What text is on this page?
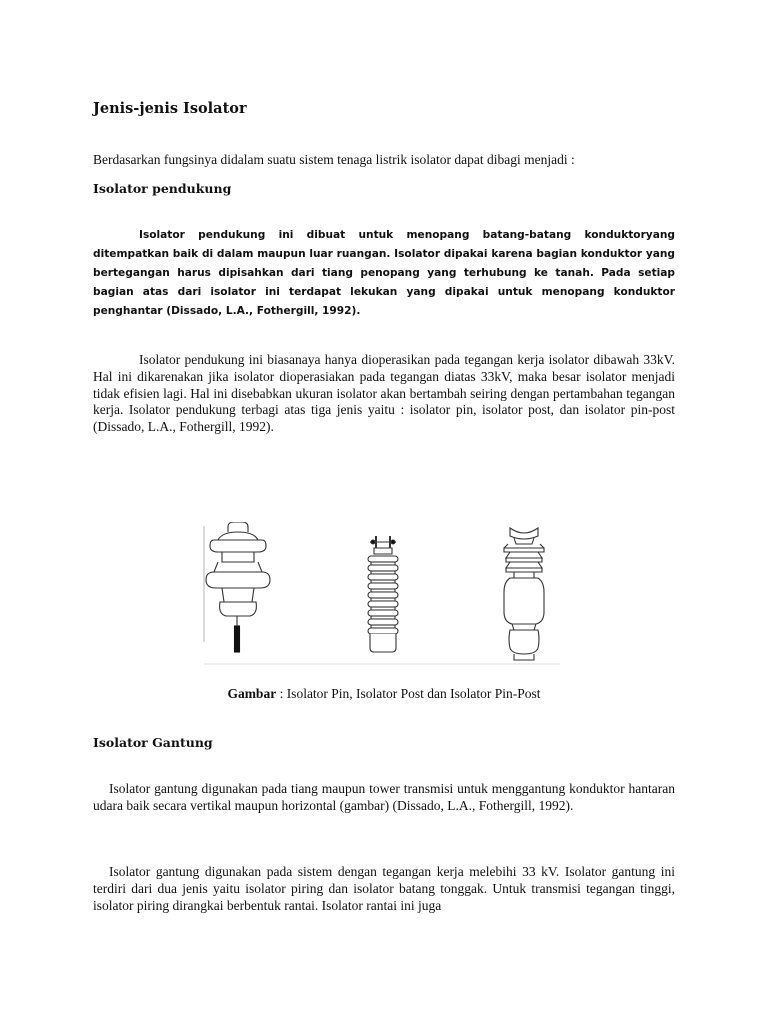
Jenis-jenis Isolator

Berdasarkan fungsinya didalam suatu sistem tenaga listrik isolator dapat dibagi menjadi :

Isolator pendukung

Isolator pendukung ini dibuat untuk menopang batang-batang konduktoryang ditempatkan baik di dalam maupun luar ruangan. Isolator dipakai karena bagian konduktor yang bertegangan harus dipisahkan dari tiang penopang yang terhubung ke tanah. Pada setiap bagian atas dari isolator ini terdapat lekukan yang dipakai untuk menopang konduktor penghantar (Dissado, L.A., Fothergill, 1992).

Isolator pendukung ini biasanaya hanya dioperasikan pada tegangan kerja isolator dibawah 33kV. Hal ini dikarenakan jika isolator dioperasiakan pada tegangan diatas 33kV, maka besar isolator menjadi tidak efisien lagi. Hal ini disebabkan ukuran isolator akan bertambah seiring dengan pertambahan tegangan kerja. Isolator pendukung terbagi atas tiga jenis yaitu : isolator pin, isolator post, dan isolator pin-post (Dissado, L.A., Fothergill, 1992).

Gambar : Isolator Pin, Isolator Post dan Isolator Pin-Post
Isolator Gantung

Isolator gantung digunakan pada tiang maupun tower transmisi untuk menggantung konduktor hantaran udara baik secara vertikal maupun horizontal (gambar) (Dissado, L.A., Fothergill, 1992).

Isolator gantung digunakan pada sistem dengan tegangan kerja melebihi 33 kV. Isolator gantung ini terdiri dari dua jenis yaitu isolator piring dan isolator batang tonggak. Untuk transmisi tegangan tinggi, isolator piring dirangkai berbentuk rantai. Isolator rantai ini juga
